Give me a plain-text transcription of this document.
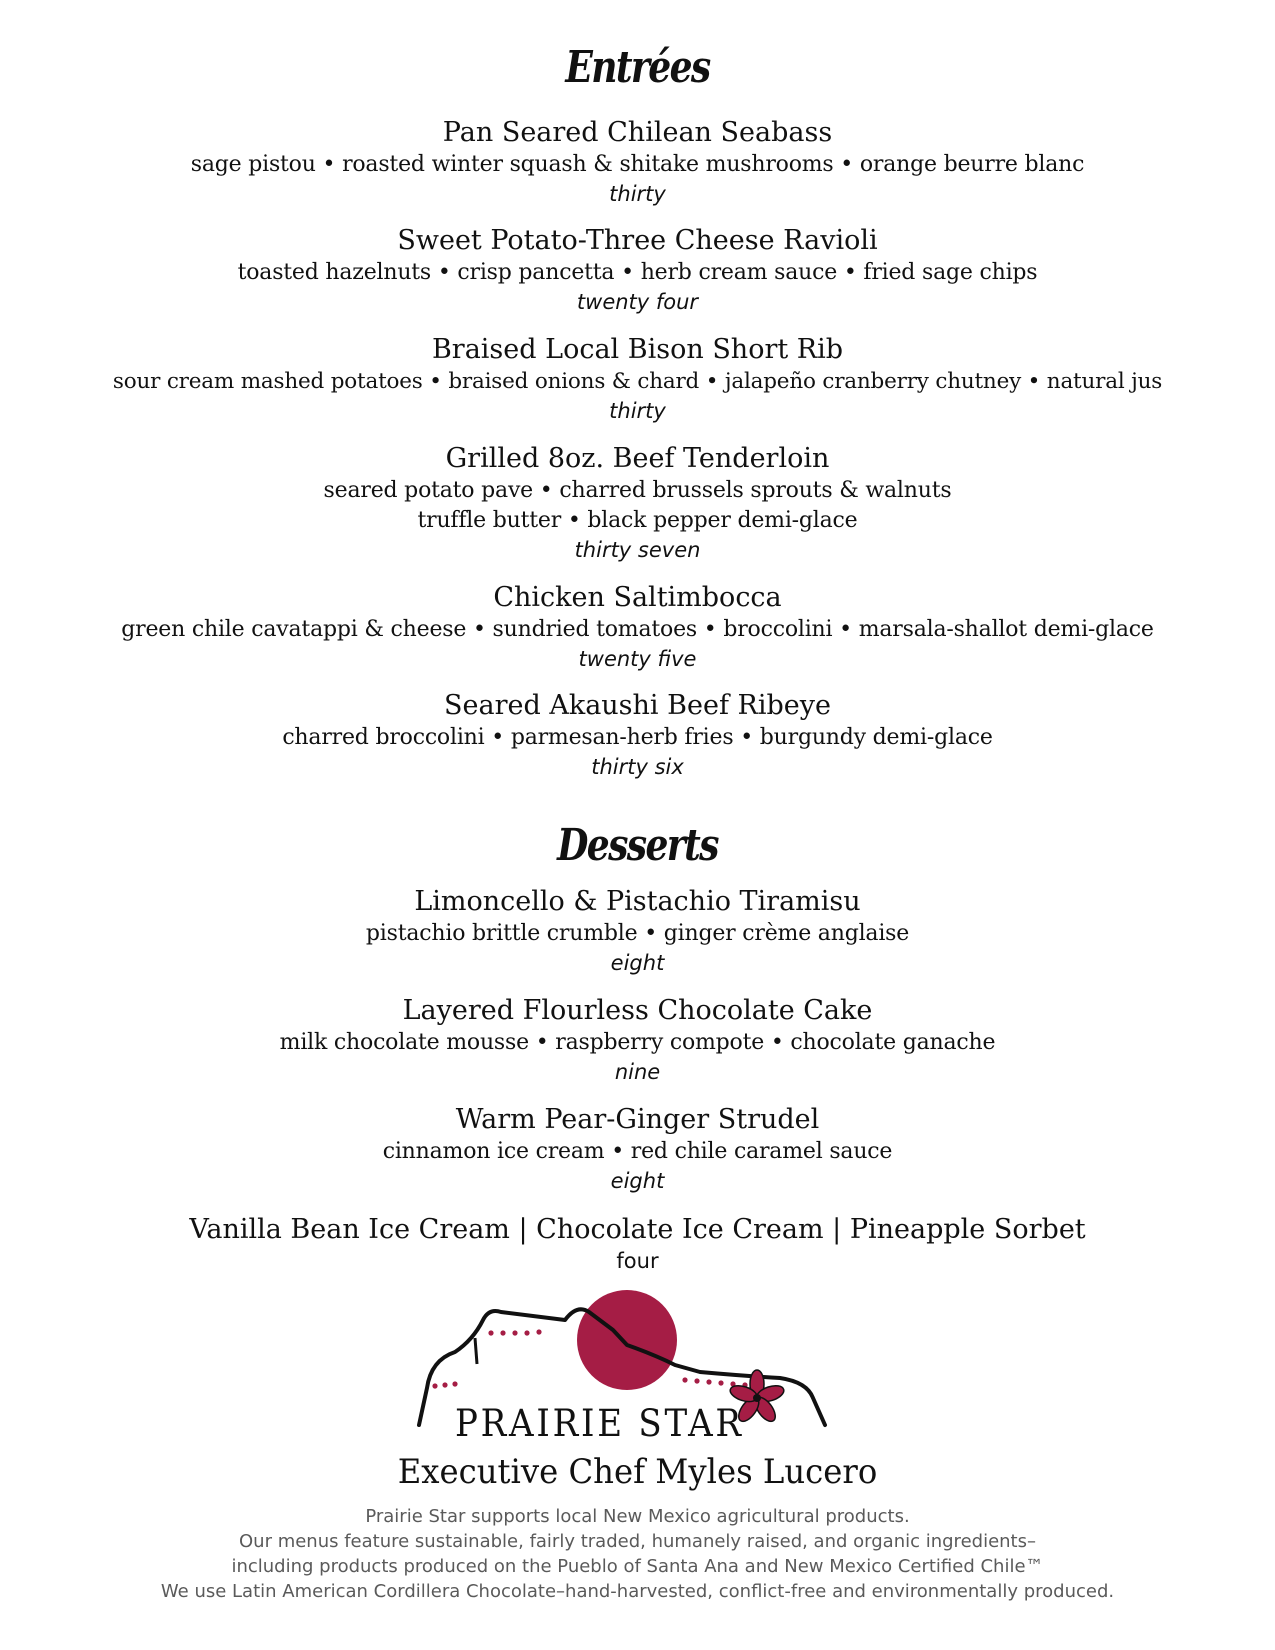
Entrées
Pan Seared Chilean Seabass
sage pistou • roasted winter squash & shitake mushrooms • orange beurre blanc
thirty
Sweet Potato-Three Cheese Ravioli
toasted hazelnuts • crisp pancetta • herb cream sauce • fried sage chips
twenty four
Braised Local Bison Short Rib
sour cream mashed potatoes • braised onions & chard • jalapeño cranberry chutney • natural jus
thirty
Grilled 8oz. Beef Tenderloin
seared potato pave • charred brussels sprouts & walnuts
truffle butter • black pepper demi-glace
thirty seven
Chicken Saltimbocca
green chile cavatappi & cheese • sundried tomatoes • broccolini • marsala-shallot demi-glace
twenty five
Seared Akaushi Beef Ribeye
charred broccolini • parmesan-herb fries • burgundy demi-glace
thirty six
Desserts
Limoncello & Pistachio Tiramisu
pistachio brittle crumble • ginger crème anglaise
eight
Layered Flourless Chocolate Cake
milk chocolate mousse • raspberry compote • chocolate ganache
nine
Warm Pear-Ginger Strudel
cinnamon ice cream • red chile caramel sauce
eight
Vanilla Bean Ice Cream | Chocolate Ice Cream | Pineapple Sorbet
four
PRAIRIE STAR
Executive Chef Myles Lucero
Prairie Star supports local New Mexico agricultural products.
Our menus feature sustainable, fairly traded, humanely raised, and organic ingredients–
including products produced on the Pueblo of Santa Ana and New Mexico Certified Chile™
We use Latin American Cordillera Chocolate–hand-harvested, conflict-free and environmentally produced.
